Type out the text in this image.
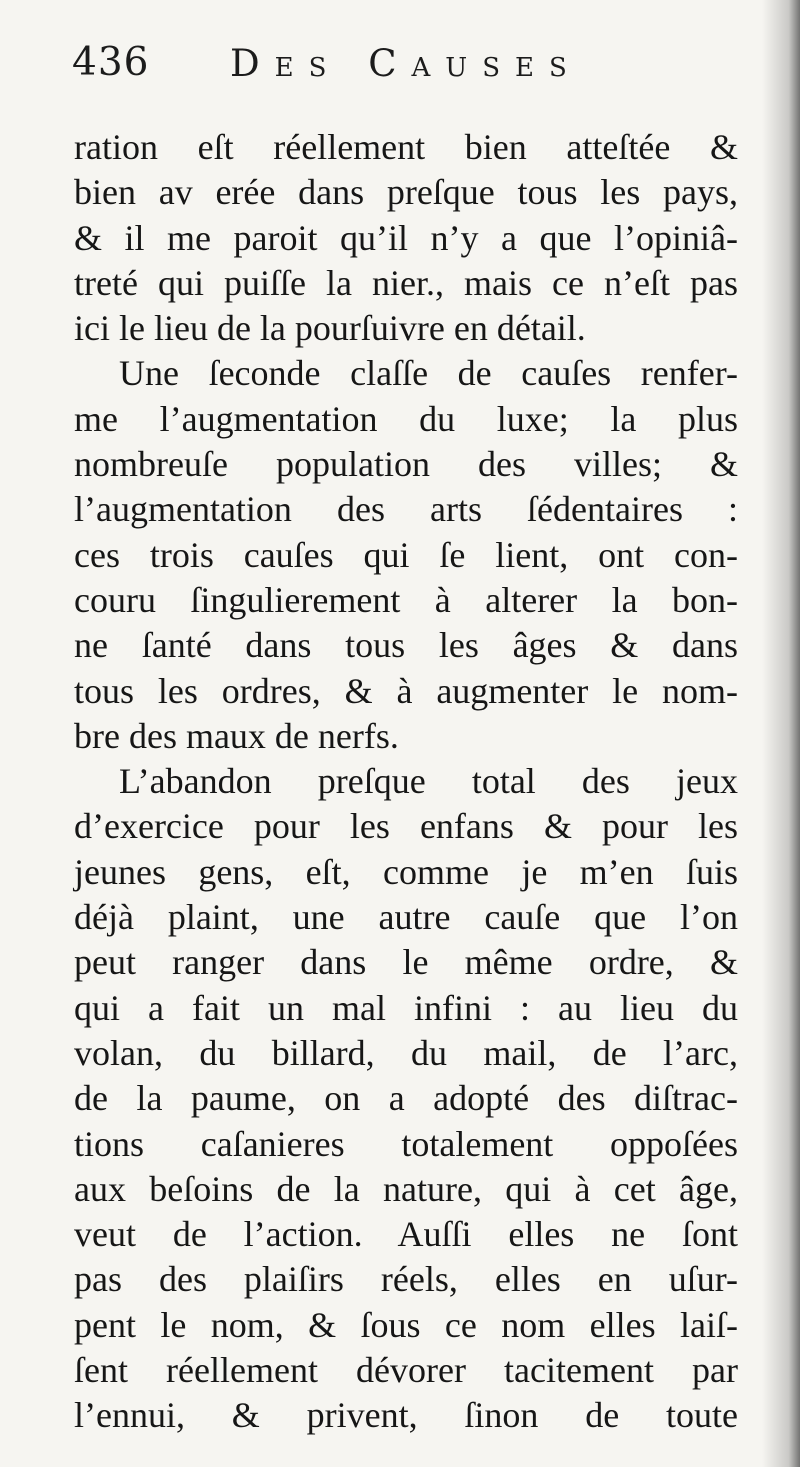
436 Des Causes
ration eſt réellement bien atteſtée &
bien av erée dans preſque tous les pays,
& il me paroit qu’il n’y a que l’opiniâ-
treté qui puiſſe la nier., mais ce n’eſt pas
ici le lieu de la pourſuivre en détail.
Une ſeconde claſſe de cauſes renfer-
me l’augmentation du luxe; la plus
nombreuſe population des villes; &
l’augmentation des arts ſédentaires :
ces trois cauſes qui ſe lient, ont con-
couru ſingulierement à alterer la bon-
ne ſanté dans tous les âges & dans
tous les ordres, & à augmenter le nom-
bre des maux de nerfs.
L’abandon preſque total des jeux
d’exercice pour les enfans & pour les
jeunes gens, eſt, comme je m’en ſuis
déjà plaint, une autre cauſe que l’on
peut ranger dans le même ordre, &
qui a fait un mal infini : au lieu du
volan, du billard, du mail, de l’arc,
de la paume, on a adopté des diſtrac-
tions caſanieres totalement oppoſées
aux beſoins de la nature, qui à cet âge,
veut de l’action. Auſſi elles ne ſont
pas des plaiſirs réels, elles en uſur-
pent le nom, & ſous ce nom elles laiſ-
ſent réellement dévorer tacitement par
l’ennui, & privent, ſinon de toute
